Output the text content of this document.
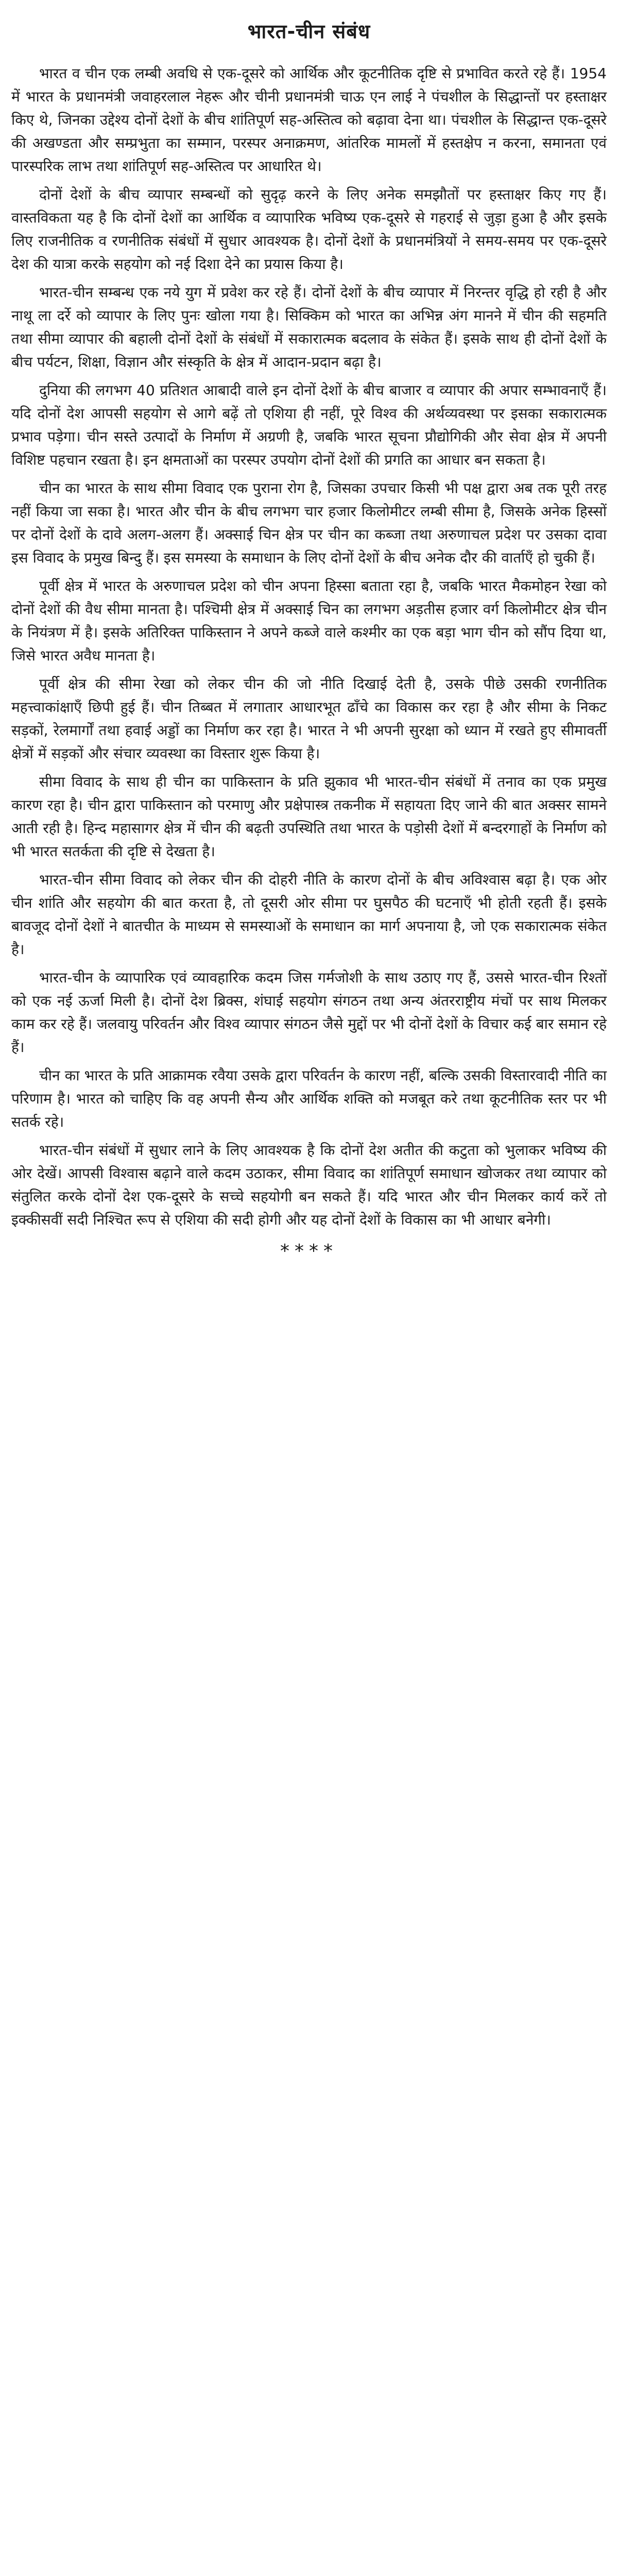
भारत-चीन संबंध

भारत व चीन एक लम्बी अवधि से एक-दूसरे को आर्थिक और कूटनीतिक दृष्टि से प्रभावित करते रहे हैं। 1954 में भारत के प्रधानमंत्री जवाहरलाल नेहरू और चीनी प्रधानमंत्री चाऊ एन लाई ने पंचशील के सिद्धान्तों पर हस्ताक्षर किए थे, जिनका उद्देश्य दोनों देशों के बीच शांतिपूर्ण सह-अस्तित्व को बढ़ावा देना था। पंचशील के सिद्धान्त एक-दूसरे की अखण्डता और सम्प्रभुता का सम्मान, परस्पर अनाक्रमण, आंतरिक मामलों में हस्तक्षेप न करना, समानता एवं पारस्परिक लाभ तथा शांतिपूर्ण सह-अस्तित्व पर आधारित थे।

दोनों देशों के बीच व्यापार सम्बन्धों को सुदृढ़ करने के लिए अनेक समझौतों पर हस्ताक्षर किए गए हैं। वास्तविकता यह है कि दोनों देशों का आर्थिक व व्यापारिक भविष्य एक-दूसरे से गहराई से जुड़ा हुआ है और इसके लिए राजनीतिक व रणनीतिक संबंधों में सुधार आवश्यक है। दोनों देशों के प्रधानमंत्रियों ने समय-समय पर एक-दूसरे देश की यात्रा करके सहयोग को नई दिशा देने का प्रयास किया है।

भारत-चीन सम्बन्ध एक नये युग में प्रवेश कर रहे हैं। दोनों देशों के बीच व्यापार में निरन्तर वृद्धि हो रही है और नाथू ला दर्रे को व्यापार के लिए पुनः खोला गया है। सिक्किम को भारत का अभिन्न अंग मानने में चीन की सहमति तथा सीमा व्यापार की बहाली दोनों देशों के संबंधों में सकारात्मक बदलाव के संकेत हैं। इसके साथ ही दोनों देशों के बीच पर्यटन, शिक्षा, विज्ञान और संस्कृति के क्षेत्र में आदान-प्रदान बढ़ा है।

दुनिया की लगभग 40 प्रतिशत आबादी वाले इन दोनों देशों के बीच बाजार व व्यापार की अपार सम्भावनाएँ हैं। यदि दोनों देश आपसी सहयोग से आगे बढ़ें तो एशिया ही नहीं, पूरे विश्व की अर्थव्यवस्था पर इसका सकारात्मक प्रभाव पड़ेगा। चीन सस्ते उत्पादों के निर्माण में अग्रणी है, जबकि भारत सूचना प्रौद्योगिकी और सेवा क्षेत्र में अपनी विशिष्ट पहचान रखता है। इन क्षमताओं का परस्पर उपयोग दोनों देशों की प्रगति का आधार बन सकता है।

चीन का भारत के साथ सीमा विवाद एक पुराना रोग है, जिसका उपचार किसी भी पक्ष द्वारा अब तक पूरी तरह नहीं किया जा सका है। भारत और चीन के बीच लगभग चार हजार किलोमीटर लम्बी सीमा है, जिसके अनेक हिस्सों पर दोनों देशों के दावे अलग-अलग हैं। अक्साई चिन क्षेत्र पर चीन का कब्जा तथा अरुणाचल प्रदेश पर उसका दावा इस विवाद के प्रमुख बिन्दु हैं। इस समस्या के समाधान के लिए दोनों देशों के बीच अनेक दौर की वार्ताएँ हो चुकी हैं।

पूर्वी क्षेत्र में भारत के अरुणाचल प्रदेश को चीन अपना हिस्सा बताता रहा है, जबकि भारत मैकमोहन रेखा को दोनों देशों की वैध सीमा मानता है। पश्चिमी क्षेत्र में अक्साई चिन का लगभग अड़तीस हजार वर्ग किलोमीटर क्षेत्र चीन के नियंत्रण में है। इसके अतिरिक्त पाकिस्तान ने अपने कब्जे वाले कश्मीर का एक बड़ा भाग चीन को सौंप दिया था, जिसे भारत अवैध मानता है।

पूर्वी क्षेत्र की सीमा रेखा को लेकर चीन की जो नीति दिखाई देती है, उसके पीछे उसकी रणनीतिक महत्त्वाकांक्षाएँ छिपी हुई हैं। चीन तिब्बत में लगातार आधारभूत ढाँचे का विकास कर रहा है और सीमा के निकट सड़कों, रेलमार्गों तथा हवाई अड्डों का निर्माण कर रहा है। भारत ने भी अपनी सुरक्षा को ध्यान में रखते हुए सीमावर्ती क्षेत्रों में सड़कों और संचार व्यवस्था का विस्तार शुरू किया है।

सीमा विवाद के साथ ही चीन का पाकिस्तान के प्रति झुकाव भी भारत-चीन संबंधों में तनाव का एक प्रमुख कारण रहा है। चीन द्वारा पाकिस्तान को परमाणु और प्रक्षेपास्त्र तकनीक में सहायता दिए जाने की बात अक्सर सामने आती रही है। हिन्द महासागर क्षेत्र में चीन की बढ़ती उपस्थिति तथा भारत के पड़ोसी देशों में बन्दरगाहों के निर्माण को भी भारत सतर्कता की दृष्टि से देखता है।

भारत-चीन सीमा विवाद को लेकर चीन की दोहरी नीति के कारण दोनों के बीच अविश्वास बढ़ा है। एक ओर चीन शांति और सहयोग की बात करता है, तो दूसरी ओर सीमा पर घुसपैठ की घटनाएँ भी होती रहती हैं। इसके बावजूद दोनों देशों ने बातचीत के माध्यम से समस्याओं के समाधान का मार्ग अपनाया है, जो एक सकारात्मक संकेत है।

भारत-चीन के व्यापारिक एवं व्यावहारिक कदम जिस गर्मजोशी के साथ उठाए गए हैं, उससे भारत-चीन रिश्तों को एक नई ऊर्जा मिली है। दोनों देश ब्रिक्स, शंघाई सहयोग संगठन तथा अन्य अंतरराष्ट्रीय मंचों पर साथ मिलकर काम कर रहे हैं। जलवायु परिवर्तन और विश्व व्यापार संगठन जैसे मुद्दों पर भी दोनों देशों के विचार कई बार समान रहे हैं।

चीन का भारत के प्रति आक्रामक रवैया उसके द्वारा परिवर्तन के कारण नहीं, बल्कि उसकी विस्तारवादी नीति का परिणाम है। भारत को चाहिए कि वह अपनी सैन्य और आर्थिक शक्ति को मजबूत करे तथा कूटनीतिक स्तर पर भी सतर्क रहे।

भारत-चीन संबंधों में सुधार लाने के लिए आवश्यक है कि दोनों देश अतीत की कटुता को भुलाकर भविष्य की ओर देखें। आपसी विश्वास बढ़ाने वाले कदम उठाकर, सीमा विवाद का शांतिपूर्ण समाधान खोजकर तथा व्यापार को संतुलित करके दोनों देश एक-दूसरे के सच्चे सहयोगी बन सकते हैं। यदि भारत और चीन मिलकर कार्य करें तो इक्कीसवीं सदी निश्चित रूप से एशिया की सदी होगी और यह दोनों देशों के विकास का भी आधार बनेगी।

****
